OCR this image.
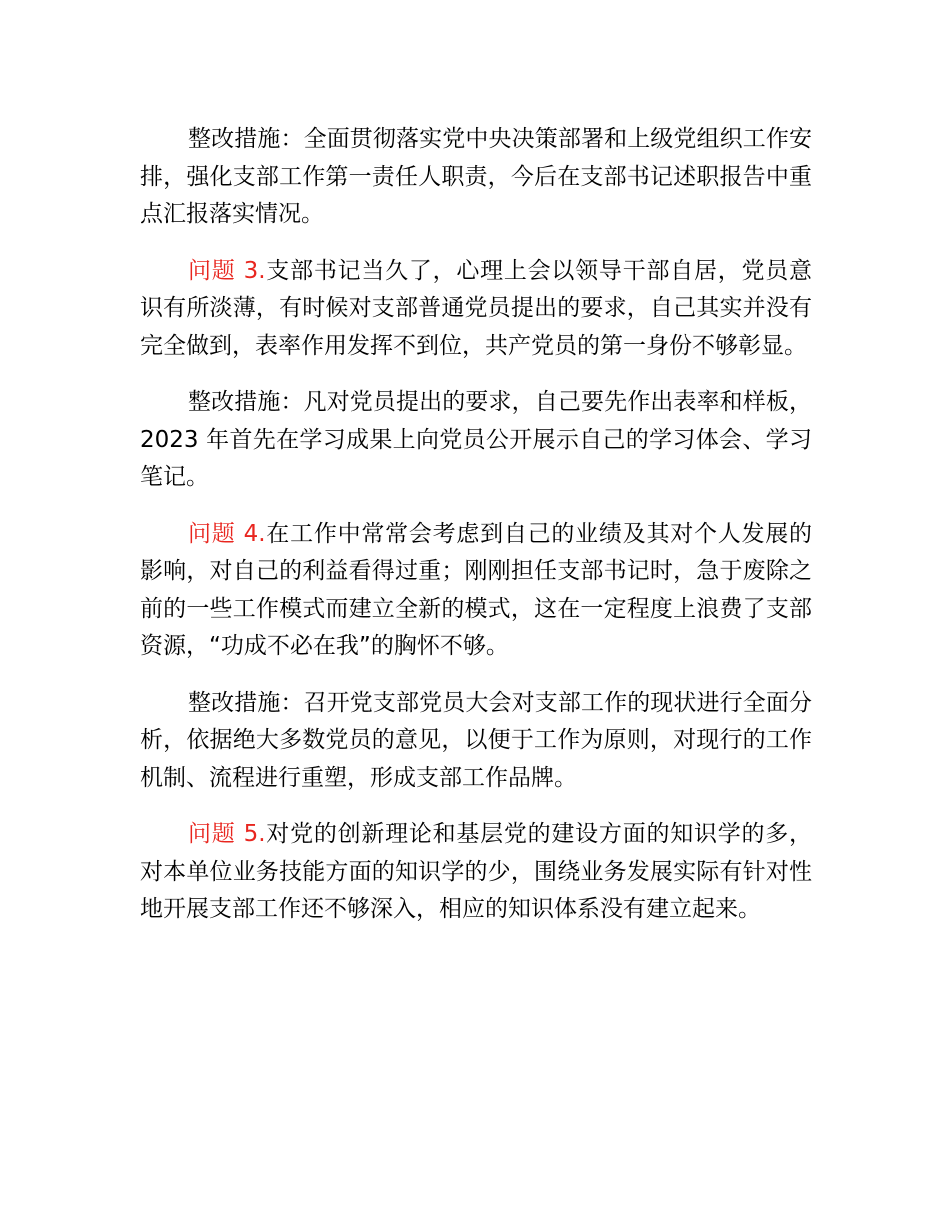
整改措施：全面贯彻落实党中央决策部署和上级党组织工作安排，强化支部工作第一责任人职责，今后在支部书记述职报告中重点汇报落实情况。

问题 3.支部书记当久了，心理上会以领导干部自居，党员意识有所淡薄，有时候对支部普通党员提出的要求，自己其实并没有完全做到，表率作用发挥不到位，共产党员的第一身份不够彰显。

整改措施：凡对党员提出的要求，自己要先作出表率和样板，2023 年首先在学习成果上向党员公开展示自己的学习体会、学习笔记。

问题 4.在工作中常常会考虑到自己的业绩及其对个人发展的影响，对自己的利益看得过重；刚刚担任支部书记时，急于废除之前的一些工作模式而建立全新的模式，这在一定程度上浪费了支部资源，“功成不必在我”的胸怀不够。

整改措施：召开党支部党员大会对支部工作的现状进行全面分析，依据绝大多数党员的意见，以便于工作为原则，对现行的工作机制、流程进行重塑，形成支部工作品牌。

问题 5.对党的创新理论和基层党的建设方面的知识学的多，对本单位业务技能方面的知识学的少，围绕业务发展实际有针对性地开展支部工作还不够深入，相应的知识体系没有建立起来。
